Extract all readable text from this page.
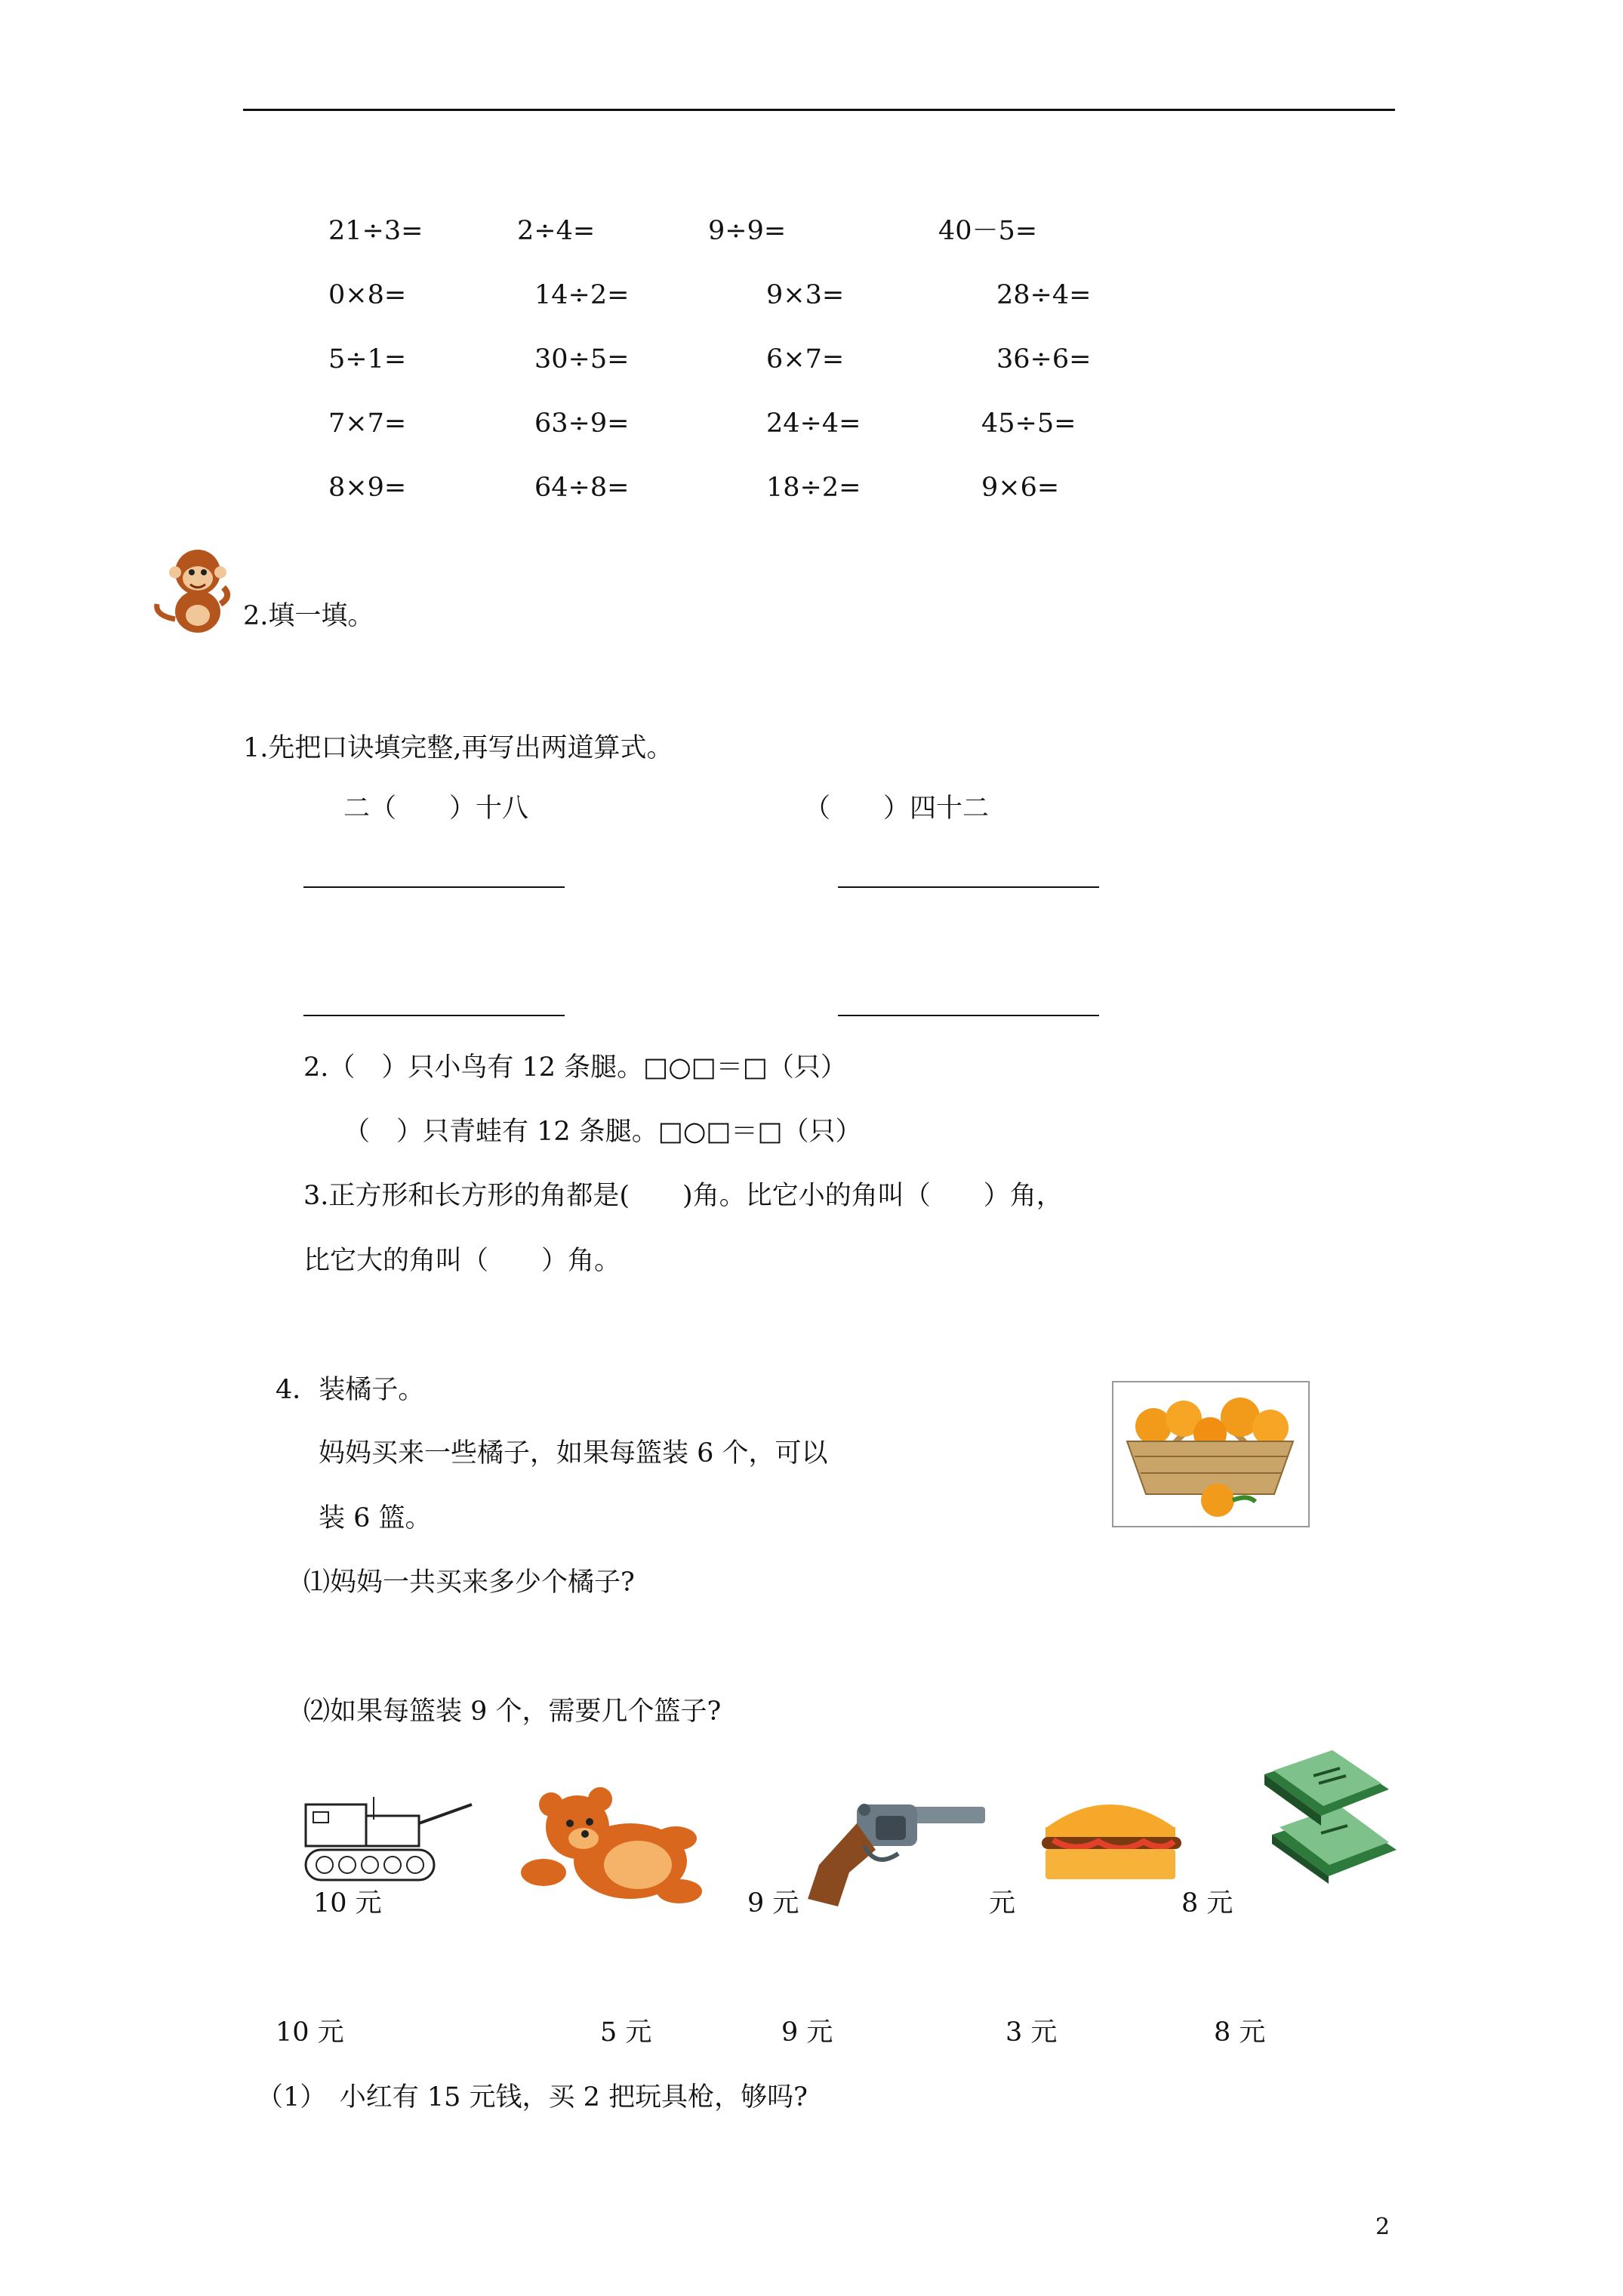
21÷3=	2÷4=	9÷9=	40－5=
0×8=	14÷2=	9×3=	28÷4=
5÷1=	30÷5=	6×7=	36÷6=
7×7=	63÷9=	24÷4=	45÷5=
8×9=	64÷8=	18÷2=	9×6=
2.填一填。
1.先把口诀填完整,再写出两道算式。
二（　　）十八	（　　）四十二
2.（　）只小鸟有 12 条腿。□○□＝□（只）
（　）只青蛙有 12 条腿。□○□＝□（只）
3.正方形和长方形的角都是(　　)角。比它小的角叫（　　）角，
比它大的角叫（　　）角。
4．装橘子。
妈妈买来一些橘子，如果每篮装 6 个，可以
装 6 篮。
⑴妈妈一共买来多少个橘子?
⑵如果每篮装 9 个，需要几个篮子?
10 元	9 元	元	8 元
10 元	5 元	9 元	3 元	8 元
（1）　小红有 15 元钱，买 2 把玩具枪，够吗?
2
